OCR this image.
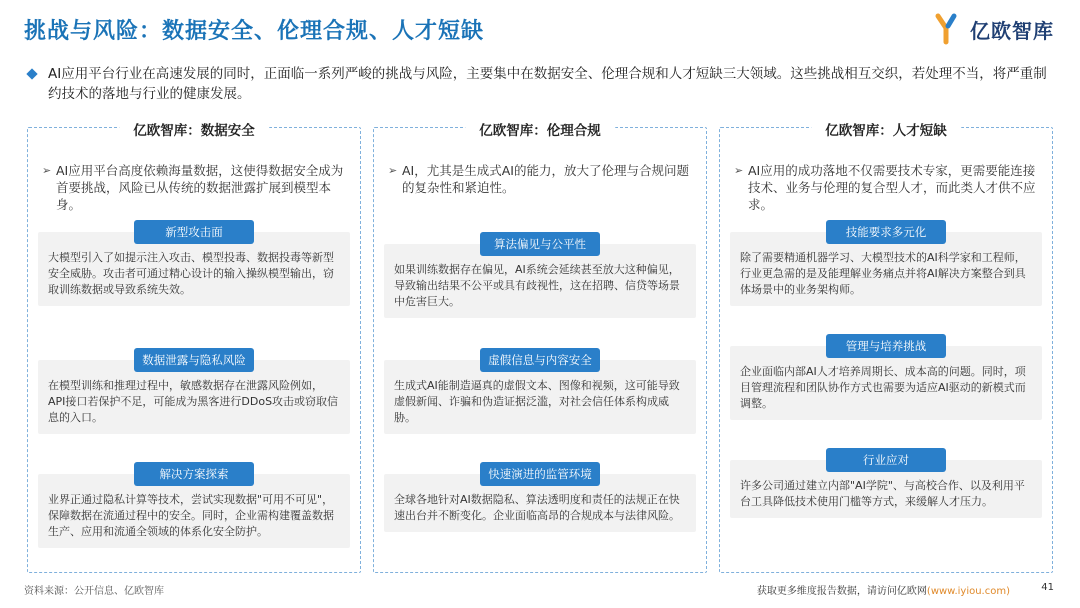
挑战与风险：数据安全、伦理合规、人才短缺	亿欧智库

AI应用平台行业在高速发展的同时，正面临一系列严峻的挑战与风险，主要集中在数据安全、伦理合规和人才短缺三大领域。这些挑战相互交织，若处理不当，将严重制约技术的落地与行业的健康发展。

亿欧智库：数据安全
➢ AI应用平台高度依赖海量数据，这使得数据安全成为首要挑战，风险已从传统的数据泄露扩展到模型本身。

新型攻击面
大模型引入了如提示注入攻击、模型投毒、数据投毒等新型安全威胁。攻击者可通过精心设计的输入操纵模型输出，窃取训练数据或导致系统失效。
数据泄露与隐私风险
在模型训练和推理过程中，敏感数据存在泄露风险例如，API接口若保护不足，可能成为黑客进行DDoS攻击或窃取信息的入口。
解决方案探索
业界正通过隐私计算等技术，尝试实现数据"可用不可见"，保障数据在流通过程中的安全。同时，企业需构建覆盖数据生产、应用和流通全领域的体系化安全防护。
亿欧智库：伦理合规
➢ AI，尤其是生成式AI的能力，放大了伦理与合规问题的复杂性和紧迫性。

算法偏见与公平性
如果训练数据存在偏见，AI系统会延续甚至放大这种偏见，导致输出结果不公平或具有歧视性，这在招聘、信贷等场景中危害巨大。
虚假信息与内容安全
生成式AI能制造逼真的虚假文本、图像和视频，这可能导致虚假新闻、诈骗和伪造证据泛滥，对社会信任体系构成威胁。
快速演进的监管环境
全球各地针对AI数据隐私、算法透明度和责任的法规正在快速出台并不断变化。企业面临高昂的合规成本与法律风险。
亿欧智库：人才短缺
➢ AI应用的成功落地不仅需要技术专家，更需要能连接技术、业务与伦理的复合型人才，而此类人才供不应求。

技能要求多元化
除了需要精通机器学习、大模型技术的AI科学家和工程师，行业更急需的是及能理解业务痛点并将AI解决方案整合到具体场景中的业务架构师。
管理与培养挑战
企业面临内部AI人才培养周期长、成本高的问题。同时，项目管理流程和团队协作方式也需要为适应AI驱动的新模式而调整。
行业应对
许多公司通过建立内部"AI学院"、与高校合作、以及利用平台工具降低技术使用门槛等方式，来缓解人才压力。
资料来源：公开信息、亿欧智库	获取更多维度报告数据，请访问亿欧网(www.iyiou.com)	41
